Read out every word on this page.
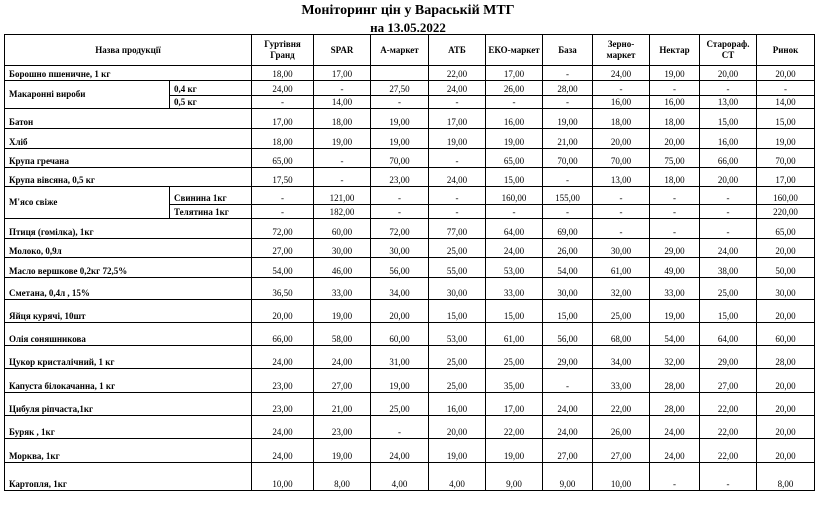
Моніторинг цін у Вараській МТГ
на 13.05.2022
Назва продукції		Гуртівня Гранд	SPAR	А-маркет	АТБ	ЕКО-маркет	База	Зерно-маркет	Нектар	Старораф. СТ	Ринок
Борошно пшеничне, 1 кг		18,00	17,00		22,00	17,00	-	24,00	19,00	20,00	20,00
Макаронні вироби	0,4 кг	24,00	-	27,50	24,00	26,00	28,00	-	-	-	-
	0,5 кг	-	14,00	-	-	-	-	16,00	16,00	13,00	14,00
Батон		17,00	18,00	19,00	17,00	16,00	19,00	18,00	18,00	15,00	15,00
Хліб		18,00	19,00	19,00	19,00	19,00	21,00	20,00	20,00	16,00	19,00
Крупа гречана		65,00	-	70,00	-	65,00	70,00	70,00	75,00	66,00	70,00
Крупа вівсяна, 0,5 кг		17,50	-	23,00	24,00	15,00	-	13,00	18,00	20,00	17,00
М'ясо свіже	Свинина 1кг	-	121,00	-	-	160,00	155,00	-	-	-	160,00
	Телятина 1кг	-	182,00	-	-	-	-	-	-	-	220,00
Птиця (гомілка), 1кг		72,00	60,00	72,00	77,00	64,00	69,00	-	-	-	65,00
Молоко, 0,9л		27,00	30,00	30,00	25,00	24,00	26,00	30,00	29,00	24,00	20,00
Масло вершкове 0,2кг 72,5%		54,00	46,00	56,00	55,00	53,00	54,00	61,00	49,00	38,00	50,00
Сметана, 0,4л , 15%		36,50	33,00	34,00	30,00	33,00	30,00	32,00	33,00	25,00	30,00
Яйця курячі, 10шт		20,00	19,00	20,00	15,00	15,00	15,00	25,00	19,00	15,00	20,00
Олія соняшникова		66,00	58,00	60,00	53,00	61,00	56,00	68,00	54,00	64,00	60,00
Цукор кристалічний, 1 кг		24,00	24,00	31,00	25,00	25,00	29,00	34,00	32,00	29,00	28,00
Капуста білокачанна, 1 кг		23,00	27,00	19,00	25,00	35,00	-	33,00	28,00	27,00	20,00
Цибуля ріпчаста,1кг		23,00	21,00	25,00	16,00	17,00	24,00	22,00	28,00	22,00	20,00
Буряк , 1кг		24,00	23,00	-	20,00	22,00	24,00	26,00	24,00	22,00	20,00
Морква, 1кг		24,00	19,00	24,00	19,00	19,00	27,00	27,00	24,00	22,00	20,00
Картопля, 1кг		10,00	8,00	4,00	4,00	9,00	9,00	10,00	-	-	8,00
